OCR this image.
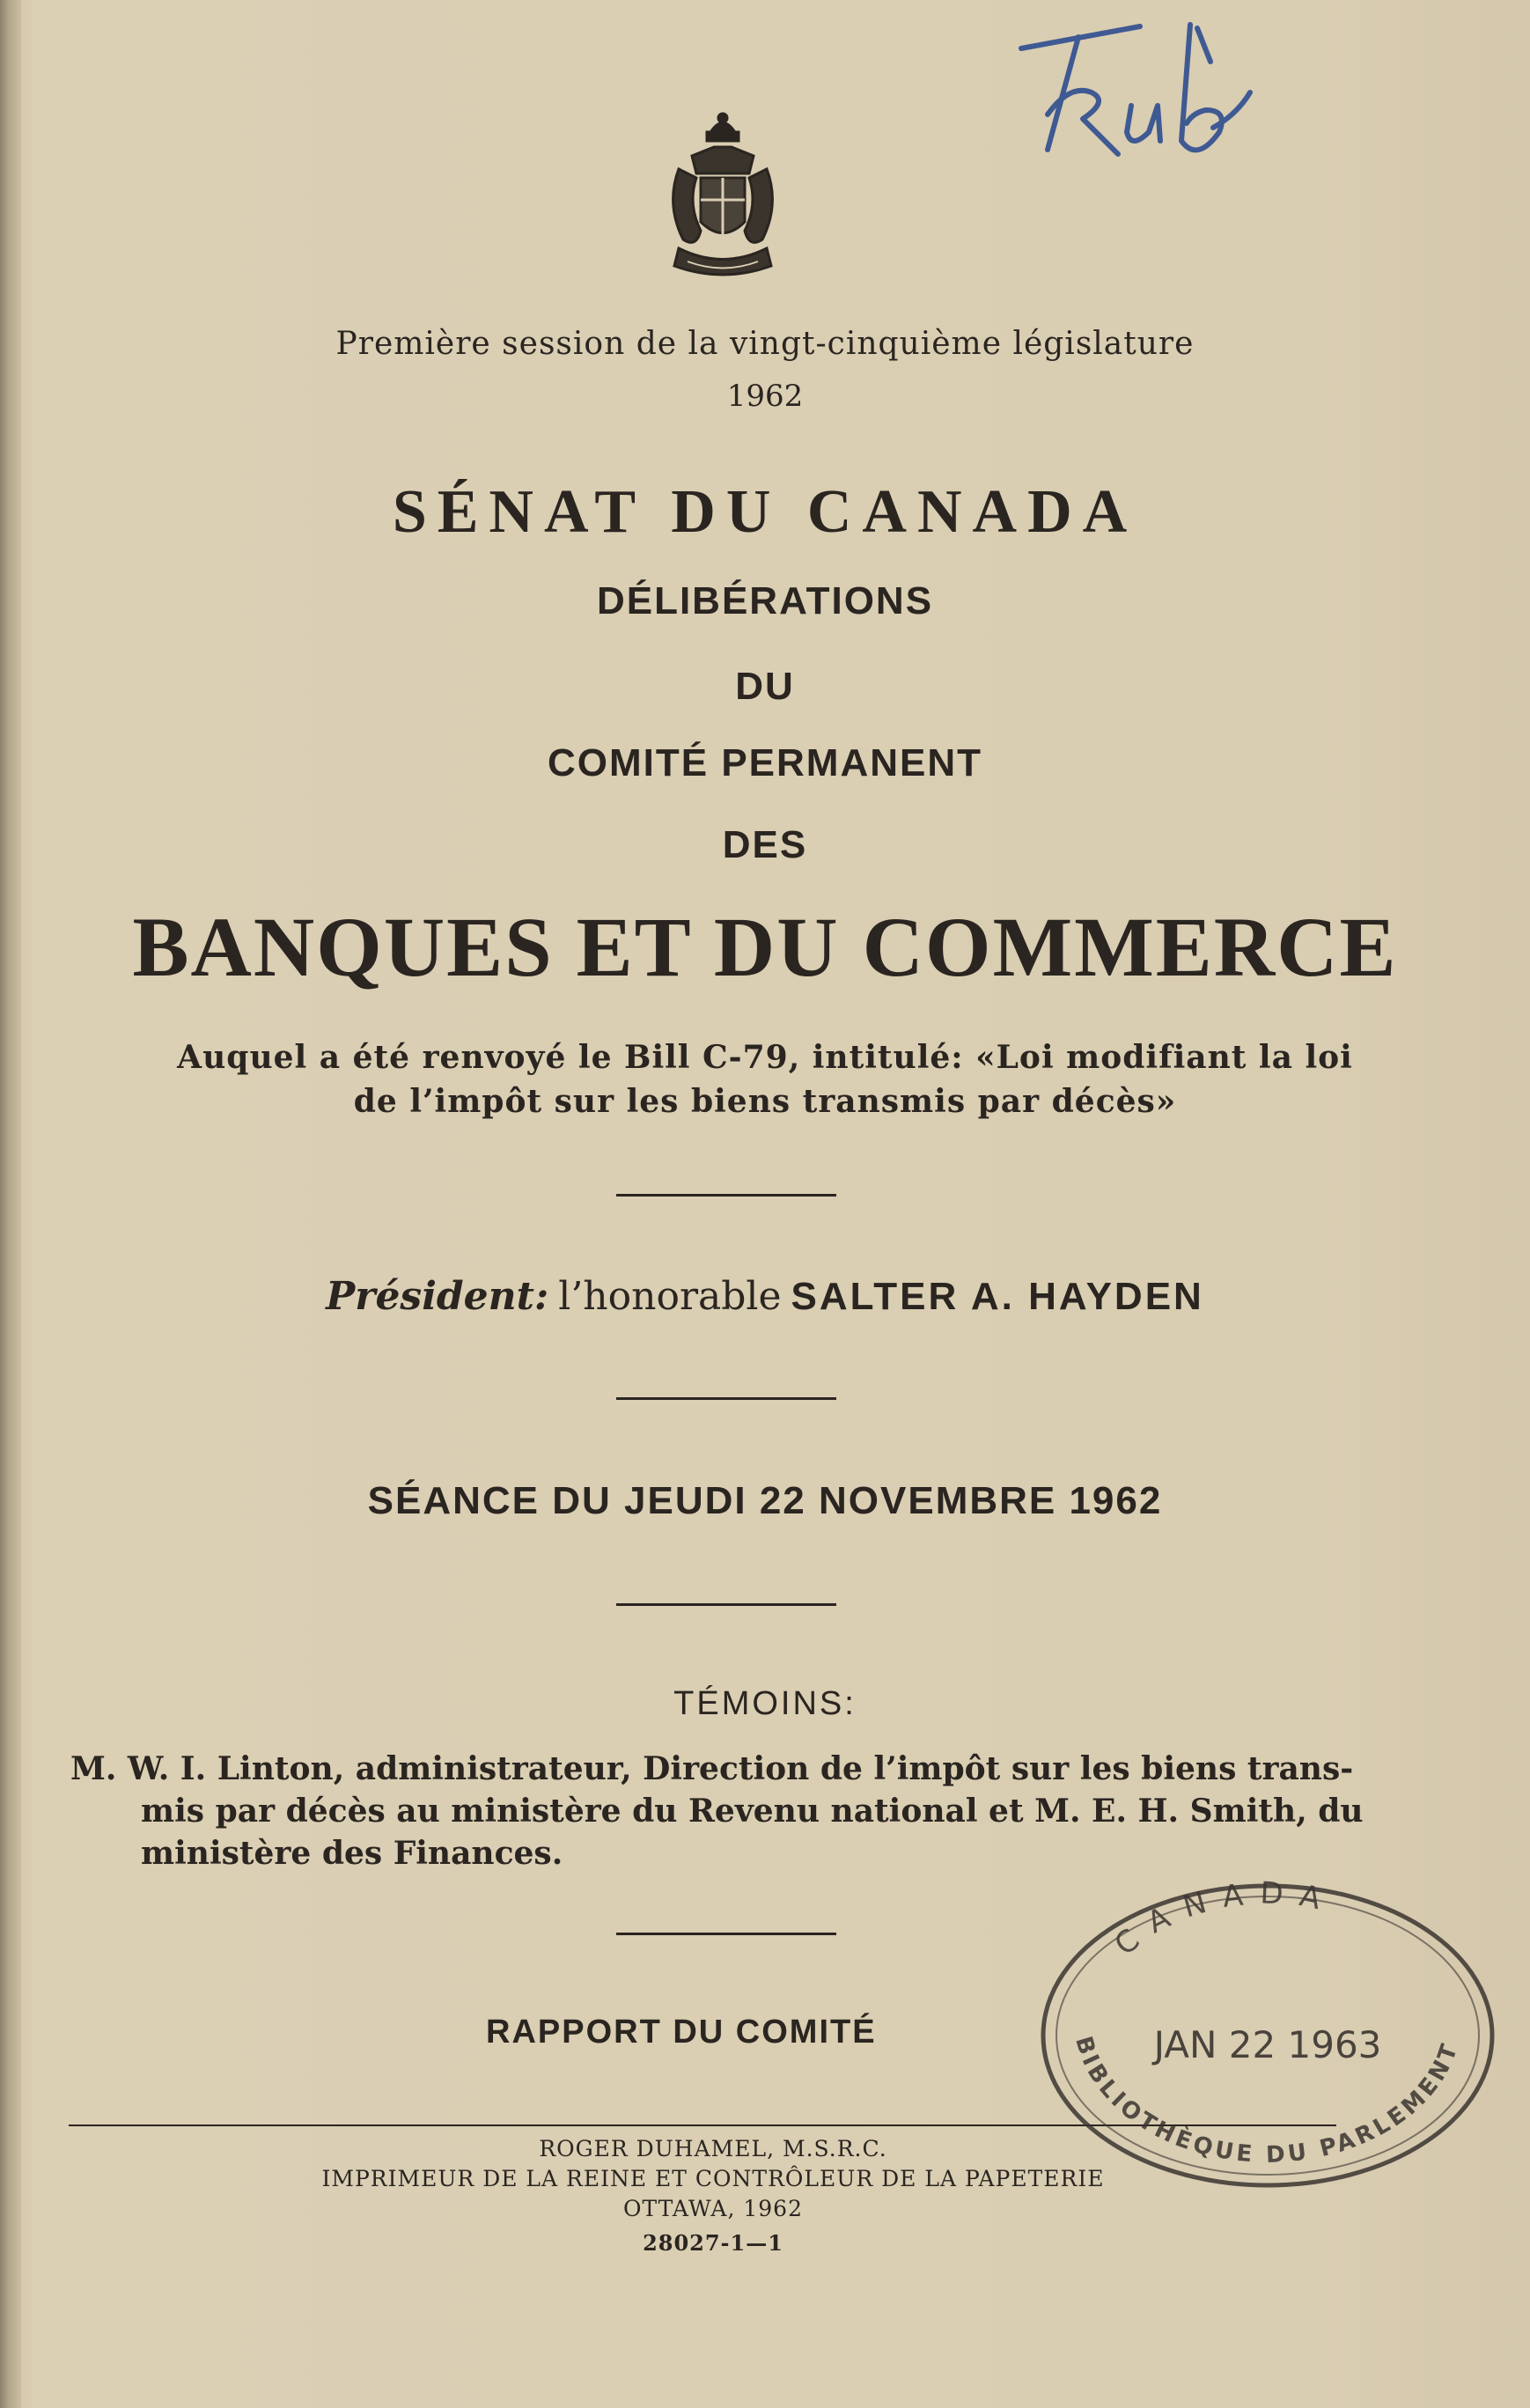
Première session de la vingt-cinquième législature
1962
SÉNAT DU CANADA
DÉLIBÉRATIONS
DU
COMITÉ PERMANENT
DES
BANQUES ET DU COMMERCE
Auquel a été renvoyé le Bill C-79, intitulé: «Loi modifiant la loi
de l’impôt sur les biens transmis par décès»
Président: l’honorable SALTER A. HAYDEN
SÉANCE DU JEUDI 22 NOVEMBRE 1962
TÉMOINS:
M. W. I. Linton, administrateur, Direction de l’impôt sur les biens trans-
mis par décès au ministère du Revenu national et M. E. H. Smith, du
ministère des Finances.
RAPPORT DU COMITÉ
ROGER DUHAMEL, M.S.R.C.
IMPRIMEUR DE LA REINE ET CONTRÔLEUR DE LA PAPETERIE
OTTAWA, 1962
28027-1—1
CANADA
JAN 22 1963
BIBLIOTHÈQUE DU PARLEMENT
